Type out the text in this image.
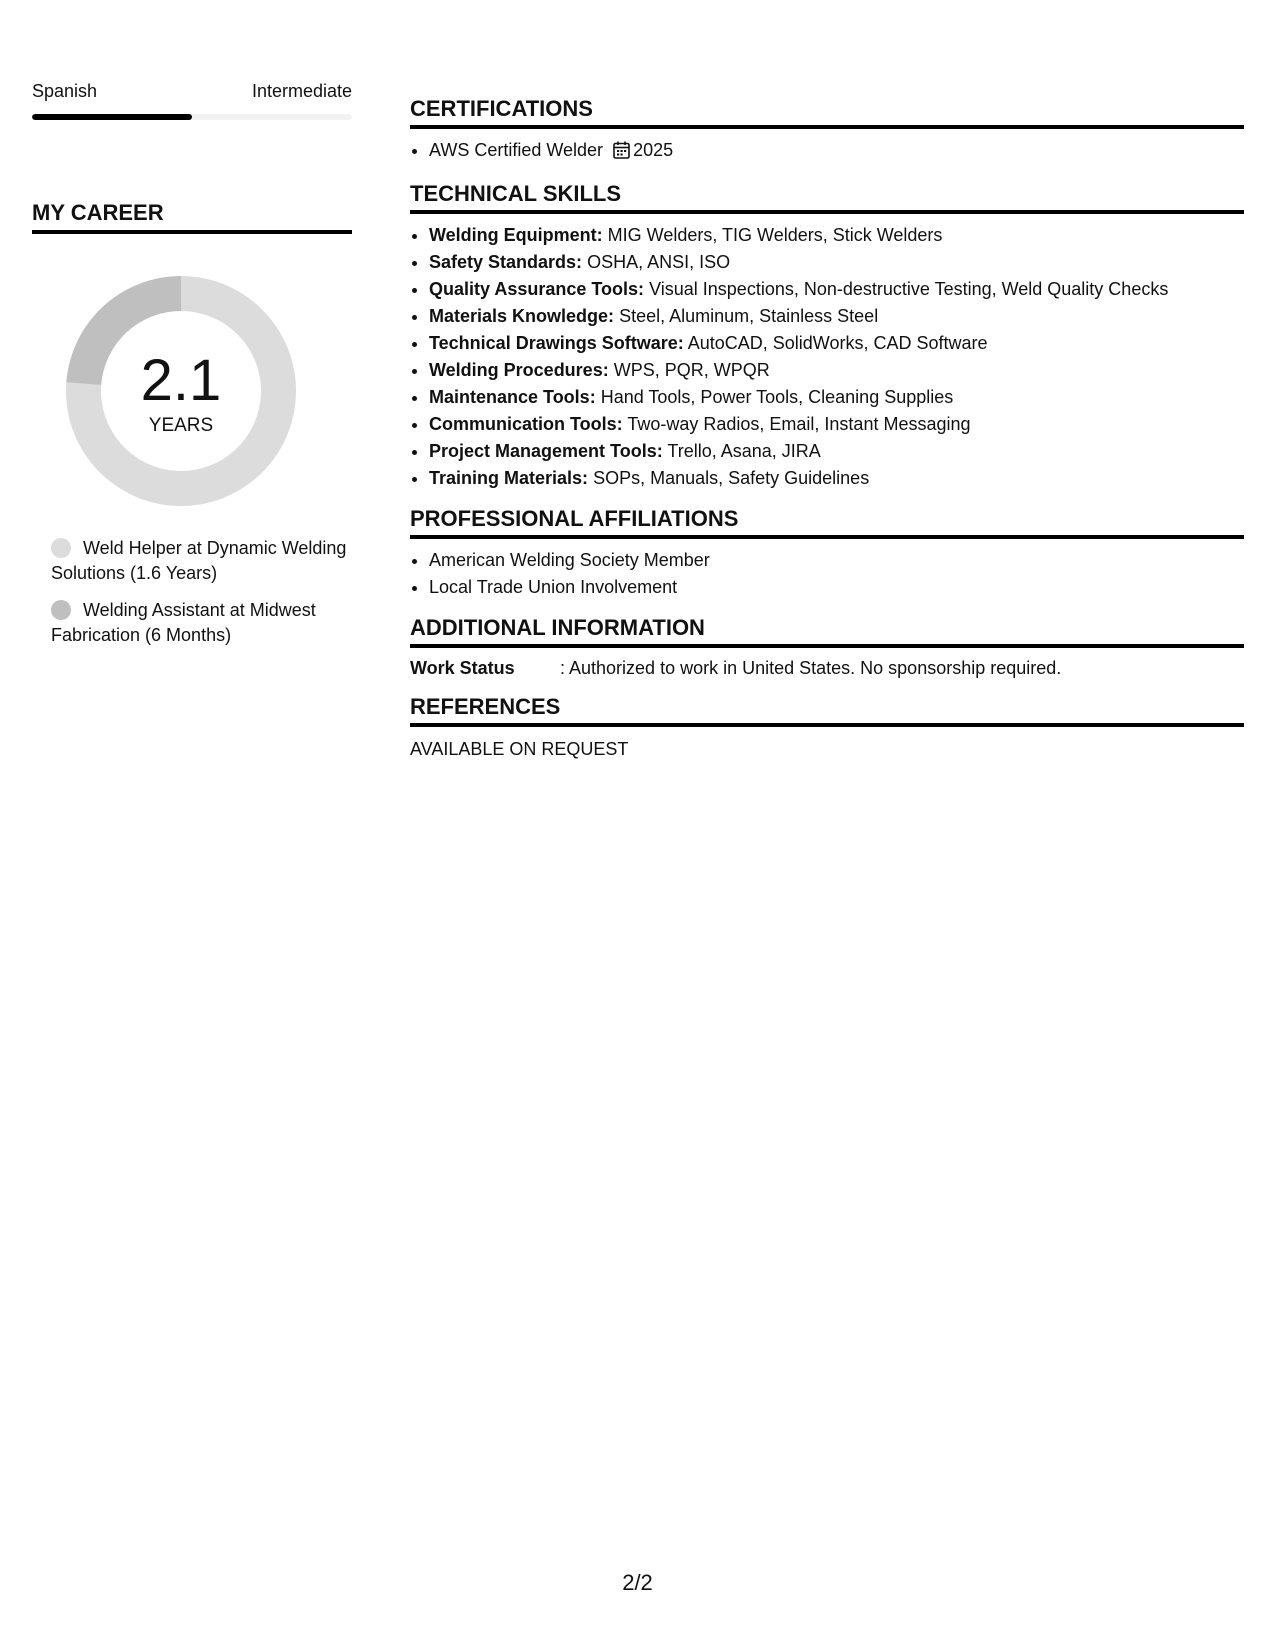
Spanish	Intermediate
MY CAREER
2.1
YEARS
Weld Helper at Dynamic Welding Solutions (1.6 Years)
Welding Assistant at Midwest Fabrication (6 Months)
CERTIFICATIONS
• AWS Certified Welder 2025
TECHNICAL SKILLS
• Welding Equipment: MIG Welders, TIG Welders, Stick Welders
• Safety Standards: OSHA, ANSI, ISO
• Quality Assurance Tools: Visual Inspections, Non-destructive Testing, Weld Quality Checks
• Materials Knowledge: Steel, Aluminum, Stainless Steel
• Technical Drawings Software: AutoCAD, SolidWorks, CAD Software
• Welding Procedures: WPS, PQR, WPQR
• Maintenance Tools: Hand Tools, Power Tools, Cleaning Supplies
• Communication Tools: Two-way Radios, Email, Instant Messaging
• Project Management Tools: Trello, Asana, JIRA
• Training Materials: SOPs, Manuals, Safety Guidelines
PROFESSIONAL AFFILIATIONS
• American Welding Society Member
• Local Trade Union Involvement
ADDITIONAL INFORMATION
Work Status	: Authorized to work in United States. No sponsorship required.
REFERENCES
AVAILABLE ON REQUEST
2/2
